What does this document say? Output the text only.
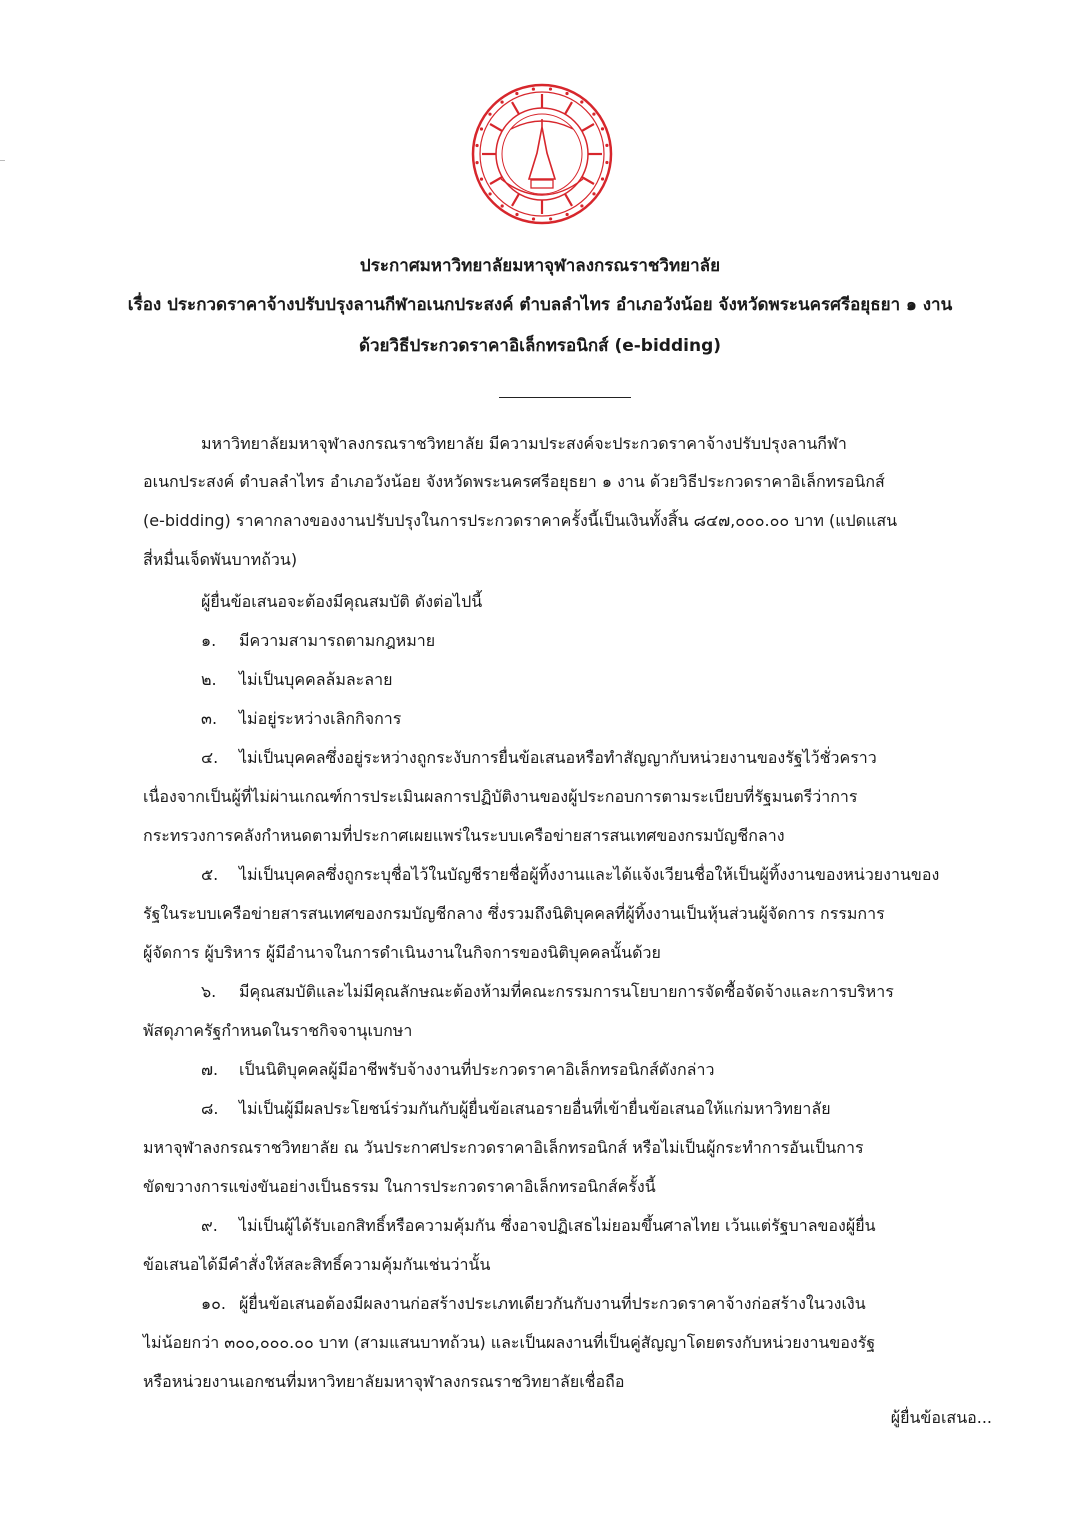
ประกาศมหาวิทยาลัยมหาจุฬาลงกรณราชวิทยาลัย
เรื่อง ประกวดราคาจ้างปรับปรุงลานกีฬาอเนกประสงค์ ตำบลลำไทร อำเภอวังน้อย จังหวัดพระนครศรีอยุธยา ๑ งาน
ด้วยวิธีประกวดราคาอิเล็กทรอนิกส์ (e-bidding)
มหาวิทยาลัยมหาจุฬาลงกรณราชวิทยาลัย มีความประสงค์จะประกวดราคาจ้างปรับปรุงลานกีฬา
อเนกประสงค์ ตำบลลำไทร อำเภอวังน้อย จังหวัดพระนครศรีอยุธยา ๑ งาน ด้วยวิธีประกวดราคาอิเล็กทรอนิกส์
(e-bidding) ราคากลางของงานปรับปรุงในการประกวดราคาครั้งนี้เป็นเงินทั้งสิ้น ๘๔๗,๐๐๐.๐๐ บาท (แปดแสน
สี่หมื่นเจ็ดพันบาทถ้วน)
ผู้ยื่นข้อเสนอจะต้องมีคุณสมบัติ ดังต่อไปนี้
๑. มีความสามารถตามกฎหมาย
๒. ไม่เป็นบุคคลล้มละลาย
๓. ไม่อยู่ระหว่างเลิกกิจการ
๔. ไม่เป็นบุคคลซึ่งอยู่ระหว่างถูกระงับการยื่นข้อเสนอหรือทำสัญญากับหน่วยงานของรัฐไว้ชั่วคราว
เนื่องจากเป็นผู้ที่ไม่ผ่านเกณฑ์การประเมินผลการปฏิบัติงานของผู้ประกอบการตามระเบียบที่รัฐมนตรีว่าการ
กระทรวงการคลังกำหนดตามที่ประกาศเผยแพร่ในระบบเครือข่ายสารสนเทศของกรมบัญชีกลาง
๕. ไม่เป็นบุคคลซึ่งถูกระบุชื่อไว้ในบัญชีรายชื่อผู้ทิ้งงานและได้แจ้งเวียนชื่อให้เป็นผู้ทิ้งงานของหน่วยงานของ
รัฐในระบบเครือข่ายสารสนเทศของกรมบัญชีกลาง ซึ่งรวมถึงนิติบุคคลที่ผู้ทิ้งงานเป็นหุ้นส่วนผู้จัดการ กรรมการ
ผู้จัดการ ผู้บริหาร ผู้มีอำนาจในการดำเนินงานในกิจการของนิติบุคคลนั้นด้วย
๖. มีคุณสมบัติและไม่มีคุณลักษณะต้องห้ามที่คณะกรรมการนโยบายการจัดซื้อจัดจ้างและการบริหาร
พัสดุภาครัฐกำหนดในราชกิจจานุเบกษา
๗. เป็นนิติบุคคลผู้มีอาชีพรับจ้างงานที่ประกวดราคาอิเล็กทรอนิกส์ดังกล่าว
๘. ไม่เป็นผู้มีผลประโยชน์ร่วมกันกับผู้ยื่นข้อเสนอรายอื่นที่เข้ายื่นข้อเสนอให้แก่มหาวิทยาลัย
มหาจุฬาลงกรณราชวิทยาลัย ณ วันประกาศประกวดราคาอิเล็กทรอนิกส์ หรือไม่เป็นผู้กระทำการอันเป็นการ
ขัดขวางการแข่งขันอย่างเป็นธรรม ในการประกวดราคาอิเล็กทรอนิกส์ครั้งนี้
๙. ไม่เป็นผู้ได้รับเอกสิทธิ์หรือความคุ้มกัน ซึ่งอาจปฏิเสธไม่ยอมขึ้นศาลไทย เว้นแต่รัฐบาลของผู้ยื่น
ข้อเสนอได้มีคำสั่งให้สละสิทธิ์ความคุ้มกันเช่นว่านั้น
๑๐. ผู้ยื่นข้อเสนอต้องมีผลงานก่อสร้างประเภทเดียวกันกับงานที่ประกวดราคาจ้างก่อสร้างในวงเงิน
ไม่น้อยกว่า ๓๐๐,๐๐๐.๐๐ บาท (สามแสนบาทถ้วน) และเป็นผลงานที่เป็นคู่สัญญาโดยตรงกับหน่วยงานของรัฐ
หรือหน่วยงานเอกชนที่มหาวิทยาลัยมหาจุฬาลงกรณราชวิทยาลัยเชื่อถือ
ผู้ยื่นข้อเสนอ...
